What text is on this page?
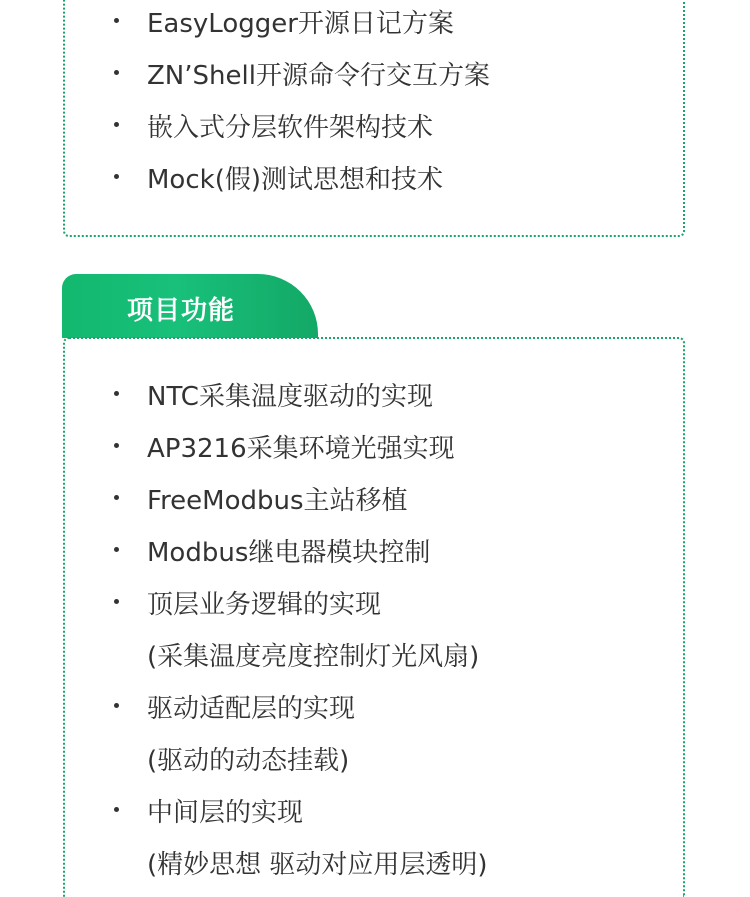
EasyLogger开源日记方案
ZN’Shell开源命令行交互方案
嵌入式分层软件架构技术
Mock(假)测试思想和技术
项目功能
NTC采集温度驱动的实现
AP3216采集环境光强实现
FreeModbus主站移植
Modbus继电器模块控制
顶层业务逻辑的实现
(采集温度亮度控制灯光风扇)
驱动适配层的实现
(驱动的动态挂载)
中间层的实现
(精妙思想 驱动对应用层透明)
